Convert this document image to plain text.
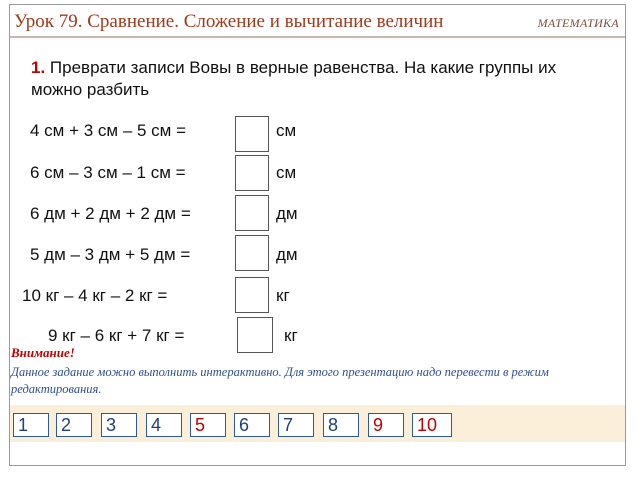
Урок 79. Сравнение. Сложение и вычитание величин	МАТЕМАТИКА
1. Преврати записи Вовы в верные равенства. На какие группы их можно разбить
4 см + 3 см – 5 см =	см
6 см – 3 см – 1 см =	см
6 дм + 2 дм + 2 дм =	дм
5 дм – 3 дм + 5 дм =	дм
10 кг – 4 кг – 2 кг =	кг
9 кг – 6 кг + 7 кг =	кг
Внимание!
Данное задание можно выполнить интерактивно. Для этого презентацию надо перевести в режим редактирования.
1	2	3	4	5	6	7	8	9	10
